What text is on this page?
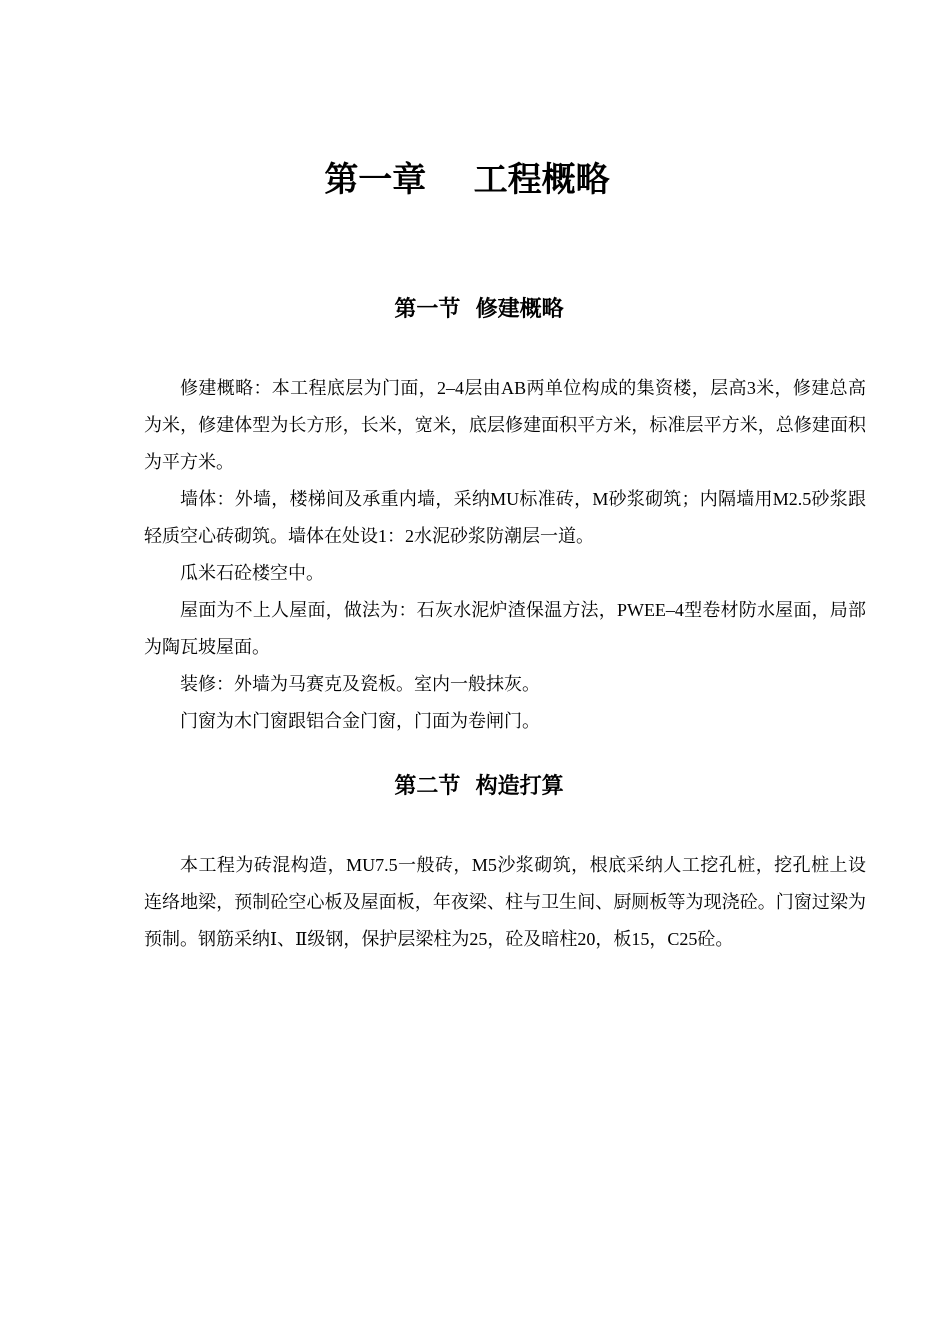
第一章    工程概略
第一节  修建概略

修建概略：本工程底层为门面，2–4层由AB两单位构成的集资楼，层高3米，修建总高为米，修建体型为长方形，长米，宽米，底层修建面积平方米，标准层平方米，总修建面积为平方米。

墙体：外墙，楼梯间及承重内墙，采纳MU标准砖，M砂浆砌筑；内隔墙用M2.5砂浆跟轻质空心砖砌筑。墙体在处设1：2水泥砂浆防潮层一道。

瓜米石砼楼空中。

屋面为不上人屋面，做法为：石灰水泥炉渣保温方法，PWEE–4型卷材防水屋面，局部为陶瓦坡屋面。

装修：外墙为马赛克及瓷板。室内一般抹灰。

门窗为木门窗跟铝合金门窗，门面为卷闸门。

第二节  构造打算

本工程为砖混构造，MU7.5一般砖，M5沙浆砌筑，根底采纳人工挖孔桩，挖孔桩上设连络地梁，预制砼空心板及屋面板，年夜梁、柱与卫生间、厨厕板等为现浇砼。门窗过梁为预制。钢筋采纳Ⅰ、Ⅱ级钢，保护层梁柱为25，砼及暗柱20，板15，C25砼。
